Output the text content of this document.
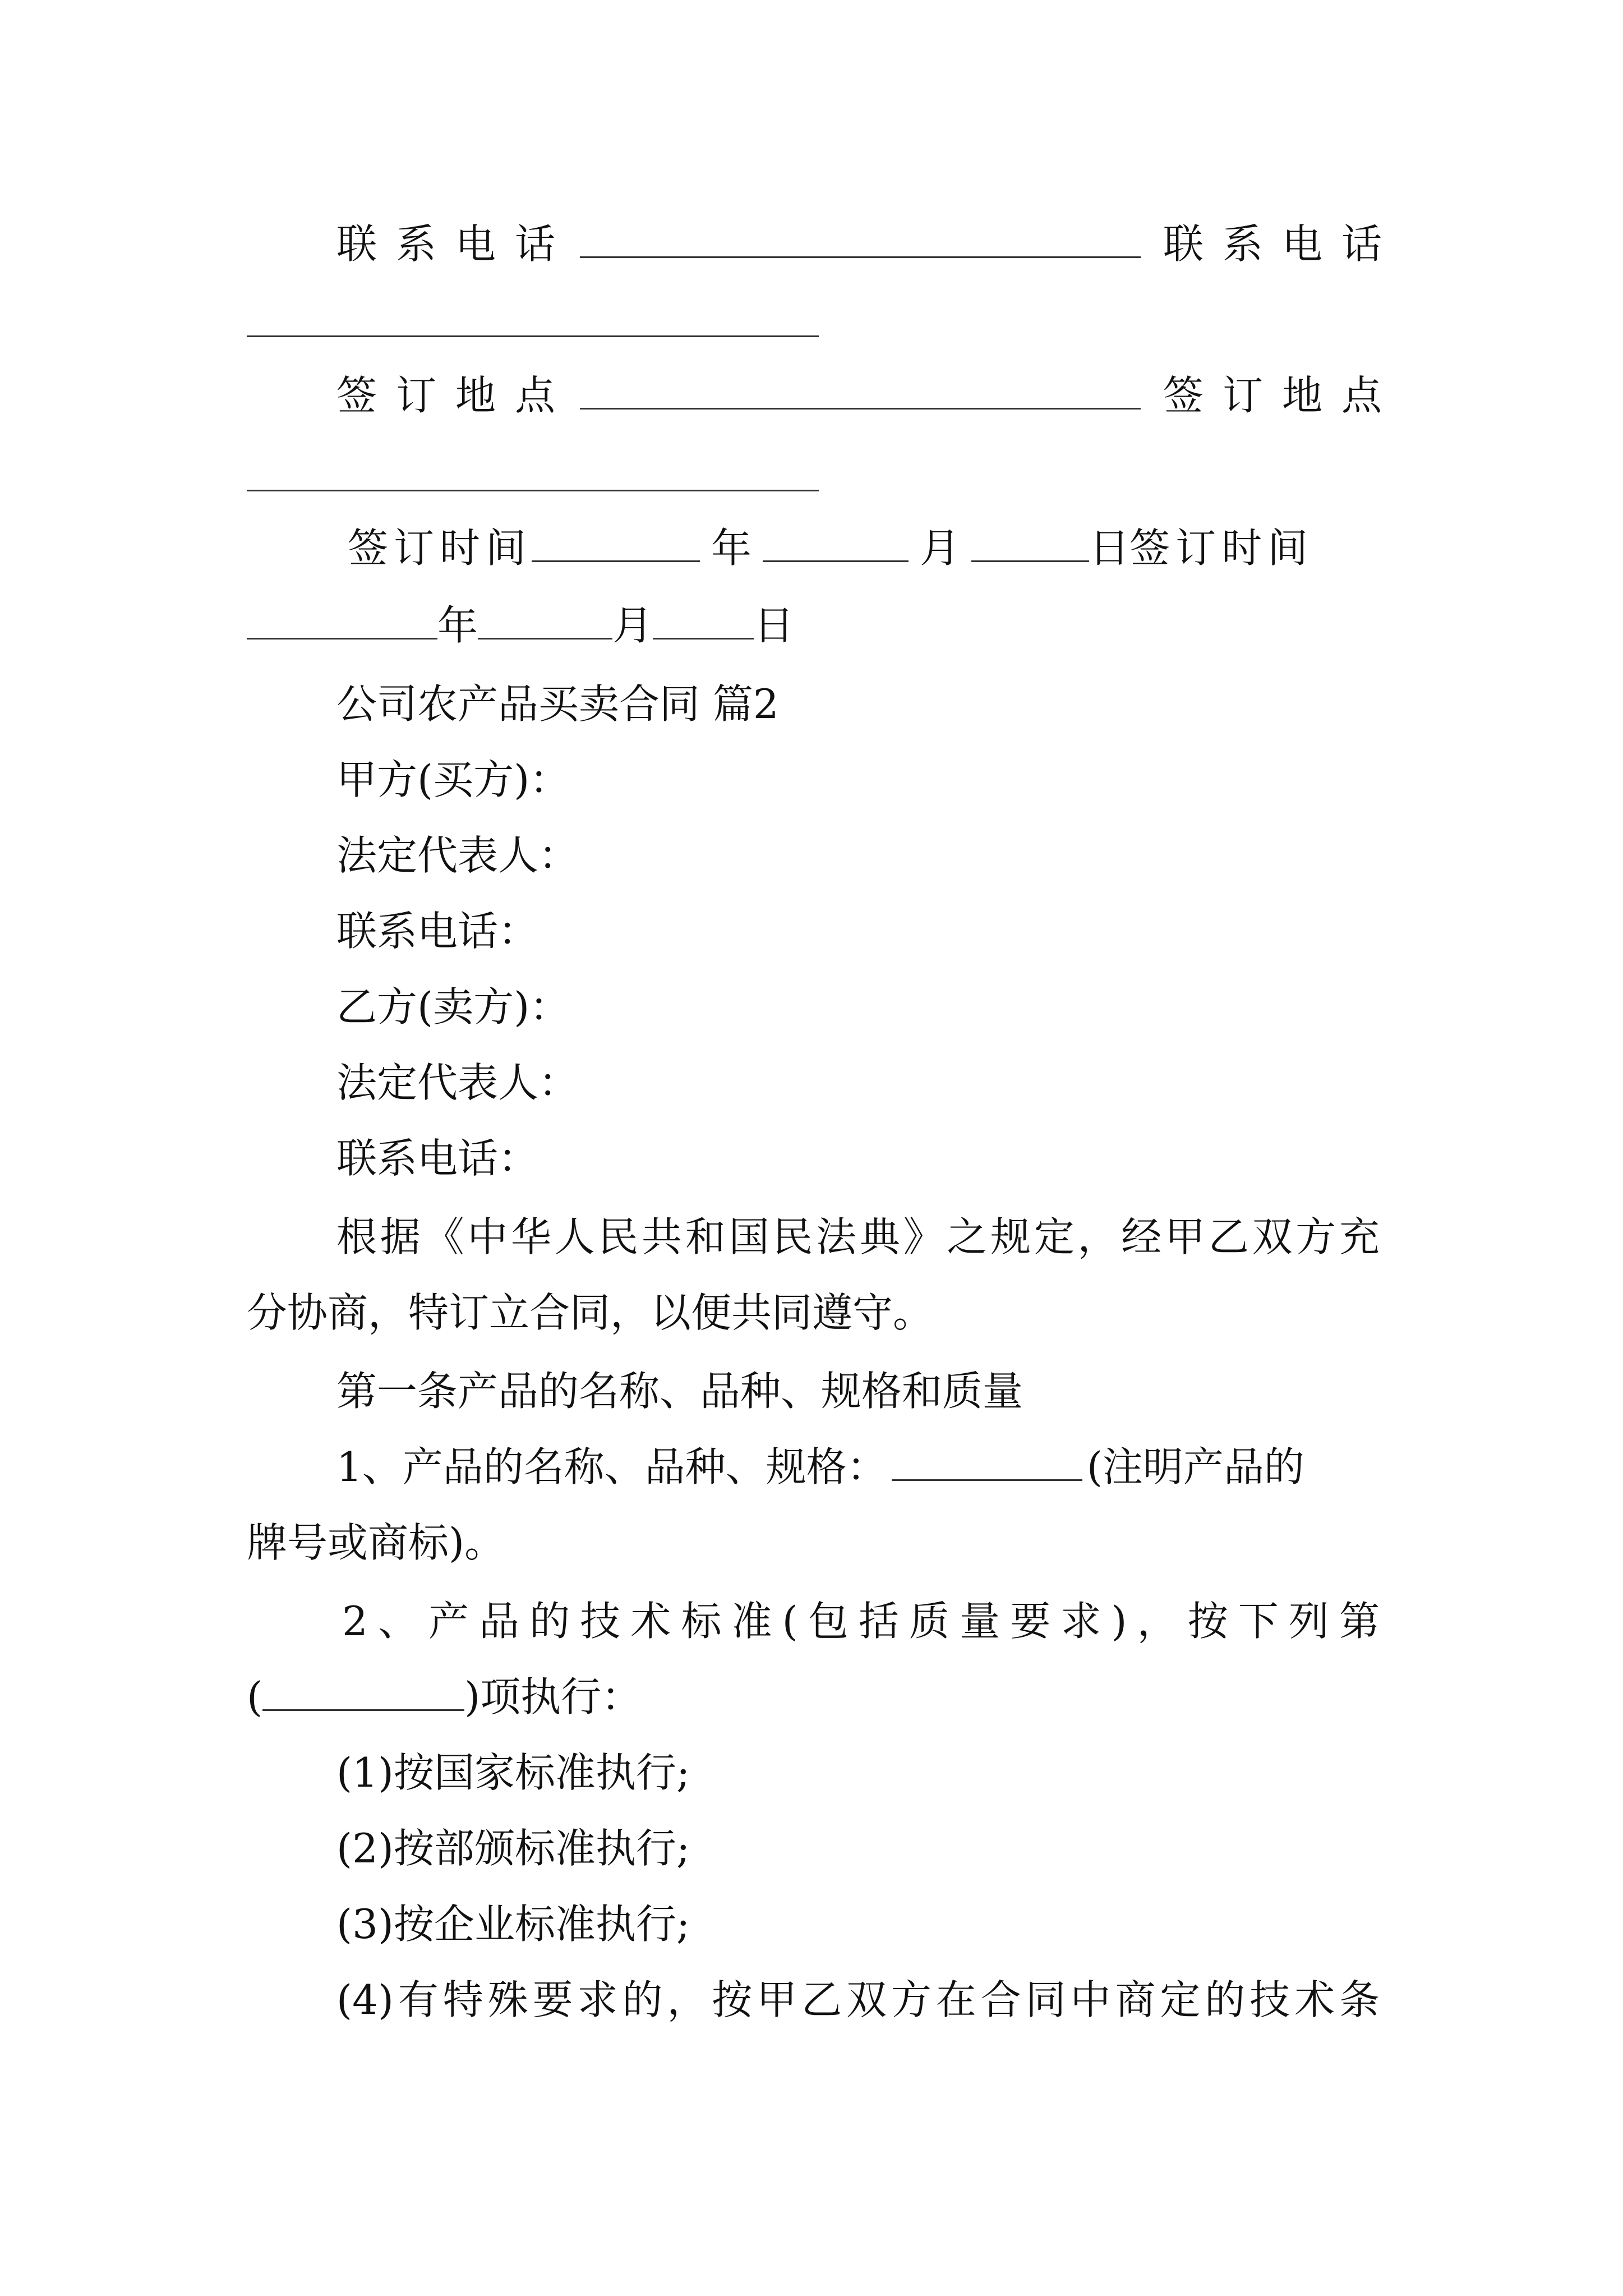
联系电话	联系电话
签订地点	签订地点
签订时间	年	月	日签订时间
年	月	日
公司农产品买卖合同 篇2
甲方(买方)：
法定代表人：
联系电话：
乙方(卖方)：
法定代表人：
联系电话：
根据《中华人民共和国民法典》之规定，经甲乙双方充
分协商，特订立合同，以便共同遵守。
第一条产品的名称、品种、规格和质量
1、产品的名称、品种、规格：	(注明产品的
牌号或商标)。
2、产品的技术标准(包括质量要求)，按下列第
(	)项执行：
(1)按国家标准执行;
(2)按部颁标准执行;
(3)按企业标准执行;
(4)有特殊要求的，按甲乙双方在合同中商定的技术条
